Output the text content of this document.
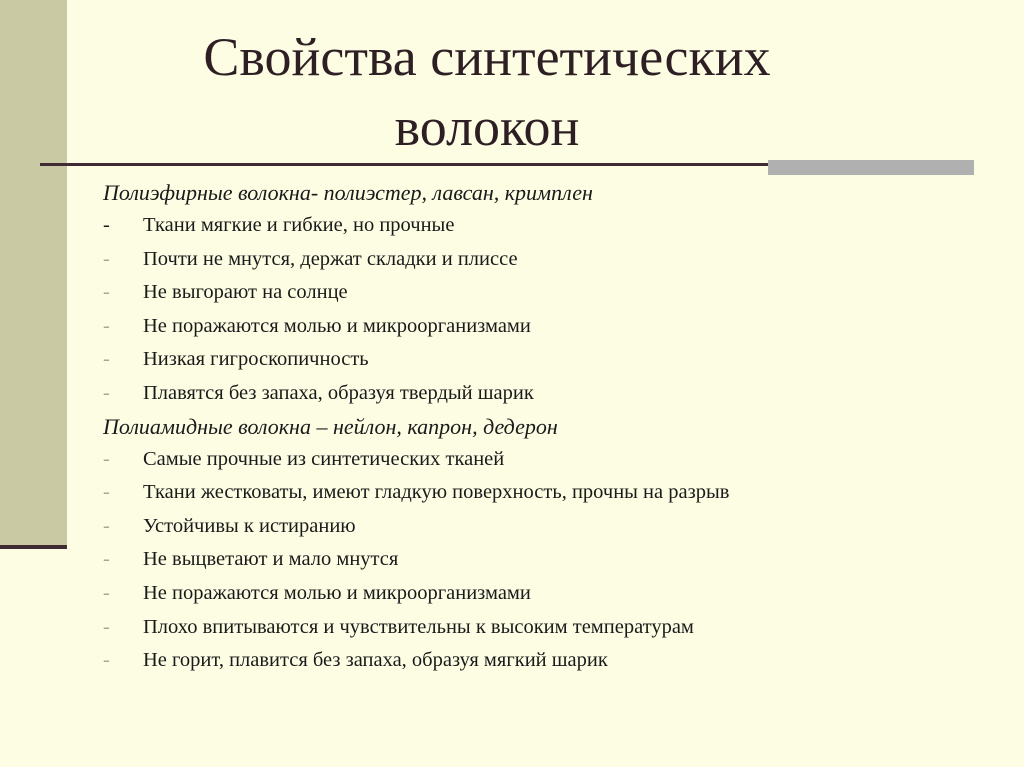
Свойства синтетических
волокон

Полиэфирные волокна- полиэстер, лавсан, кримплен

- Ткани мягкие и гибкие, но прочные
- Почти не мнутся, держат складки и плиссе
- Не выгорают на солнце
- Не поражаются молью и микроорганизмами
- Низкая гигроскопичность
- Плавятся без запаха, образуя твердый шарик

Полиамидные волокна – нейлон, капрон, дедерон

- Самые прочные из синтетических тканей
- Ткани жестковаты, имеют гладкую поверхность, прочны на разрыв
- Устойчивы к истиранию
- Не выцветают и мало мнутся
- Не поражаются молью и микроорганизмами
- Плохо впитываются и чувствительны к высоким температурам
- Не горит, плавится без запаха, образуя мягкий шарик
